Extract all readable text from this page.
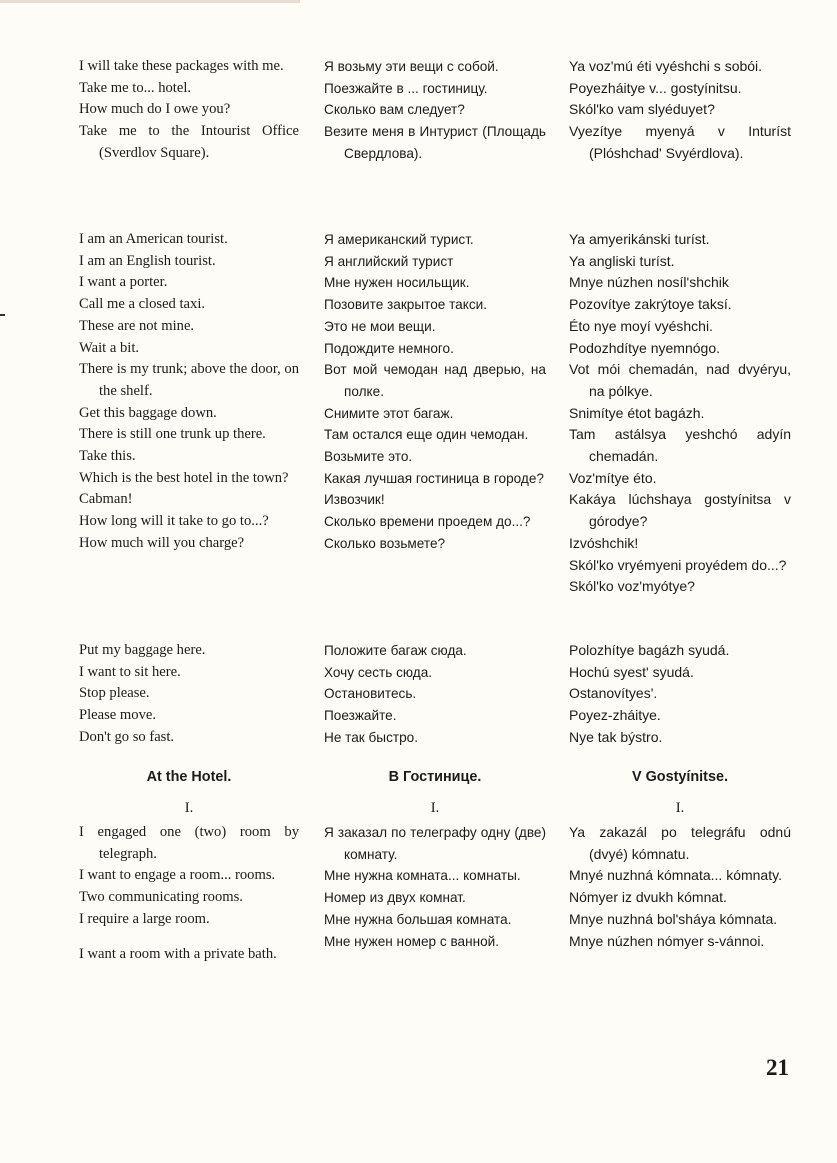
I will take these packages with me.

Take me to... hotel.

How much do I owe you?

Take me to the Intourist Office (Sverdlov Square).

I am an American tourist.

I am an English tourist.

I want a porter.

Call me a closed taxi.

These are not mine.

Wait a bit.

There is my trunk; above the door, on the shelf.

Get this baggage down.

There is still one trunk up there.

Take this.

Which is the best hotel in the town?

Cabman!

How long will it take to go to...?

How much will you charge?

Put my baggage here.

I want to sit here.

Stop please.

Please move.

Don't go so fast.

At the Hotel.
I.

I engaged one (two) room by telegraph.

I want to engage a room... rooms.

Two communicating rooms.

I require a large room.

I want a room with a private bath.

Я возьму эти вещи с собой.

Поезжайте в ... гостиницу.

Сколько вам следует?

Везите меня в Интурист (Площадь Свердлова).

Я американский турист.

Я английский турист

Мне нужен носильщик.

Позовите закрытое такси.

Это не мои вещи.

Подождите немного.

Вот мой чемодан над дверью, на полке.

Снимите этот багаж.

Там остался еще один чемодан.

Возьмите это.

Какая лучшая гостиница в городе?

Извозчик!

Сколько времени проедем до...?

Сколько возьмете?

Положите багаж сюда.

Хочу сесть сюда.

Остановитесь.

Поезжайте.

Не так быстро.

В Гостинице.
I.

Я заказал по телеграфу одну (две) комнату.

Мне нужна комната... комнаты.

Номер из двух комнат.

Мне нужна большая комната.

Мне нужен номер с ванной.

Ya voz'mú éti vyéshchi s sobói.

Poyezháitye v... gostyínitsu.

Skól'ko vam slyéduyet?

Vyezítye myenyá v Inturíst (Plóshchad' Svyérdlova).

Ya amyerikánski turíst.

Ya angliski turíst.

Mnye núzhen nosíl'shchik

Pozovítye zakrýtoye taksí.

Éto nye moyí vyéshchi.

Podozhdítye nyemnógo.

Vot mói chemadán, nad dvyéryu, na pólkye.

Snimítye étot bagázh.

Tam astálsya yeshchó adyín chemadán.

Voz'mítye éto.

Kakáya lúchshaya gostyínitsa v górodye?

Izvóshchik!

Skól'ko vryémyeni proyédem do...?

Skól'ko voz'myótye?

Polozhítye bagázh syudá.

Hochú syest' syudá.

Ostanovítyes'.

Poyez-zháitye.

Nye tak býstro.

V Gostyínitse.
I.

Ya zakazál po telegráfu odnú (dvyé) kómnatu.

Mnyé nuzhná kómnata... kómnaty.

Nómyer iz dvukh kómnat.

Mnye nuzhná bol'sháya kómnata.

Mnye núzhen nómyer s-vánnoi.

21
